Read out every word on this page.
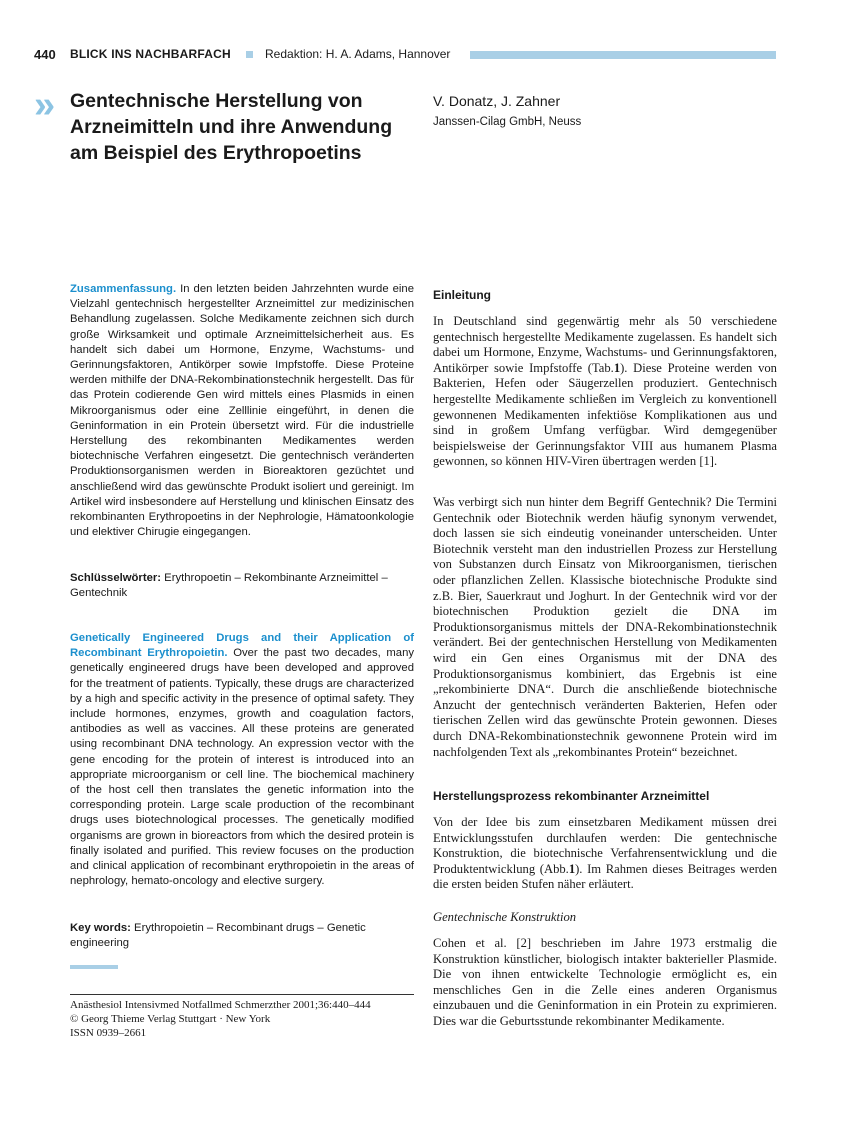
440 BLICK INS NACHBARFACH	Redaktion: H. A. Adams, Hannover
» Gentechnische Herstellung von
Arzneimitteln und ihre Anwendung
am Beispiel des Erythropoetins
V. Donatz, J. Zahner
Janssen-Cilag GmbH, Neuss

Zusammenfassung. In den letzten beiden Jahrzehnten wurde eine Vielzahl gentechnisch hergestellter Arzneimittel zur medizinischen Behandlung zugelassen. Solche Medikamente zeichnen sich durch große Wirksamkeit und optimale Arzneimittelsicherheit aus. Es handelt sich dabei um Hormone, Enzyme, Wachstums- und Gerinnungsfaktoren, Antikörper sowie Impfstoffe. Diese Proteine werden mithilfe der DNA-Rekombinationstechnik hergestellt. Das für das Protein codierende Gen wird mittels eines Plasmids in einen Mikroorganismus oder eine Zelllinie eingeführt, in denen die Geninformation in ein Protein übersetzt wird. Für die industrielle Herstellung des rekombinanten Medikamentes werden biotechnische Verfahren eingesetzt. Die gentechnisch veränderten Produktionsorganismen werden in Bioreaktoren gezüchtet und anschließend wird das gewünschte Produkt isoliert und gereinigt. Im Artikel wird insbesondere auf Herstellung und klinischen Einsatz des rekombinanten Erythropoetins in der Nephrologie, Hämatoonkologie und elektiver Chirugie eingegangen.

Schlüsselwörter: Erythropoetin – Rekombinante Arzneimittel – Gentechnik

Genetically Engineered Drugs and their Application of Recombinant Erythropoietin. Over the past two decades, many genetically engineered drugs have been developed and approved for the treatment of patients. Typically, these drugs are characterized by a high and specific activity in the presence of optimal safety. They include hormones, enzymes, growth and coagulation factors, antibodies as well as vaccines. All these proteins are generated using recombinant DNA technology. An expression vector with the gene encoding for the protein of interest is introduced into an appropriate microorganism or cell line. The biochemical machinery of the host cell then translates the genetic information into the corresponding protein. Large scale production of the recombinant drugs uses biotechnological processes. The genetically modified organisms are grown in bioreactors from which the desired protein is finally isolated and purified. This review focuses on the production and clinical application of recombinant erythropoietin in the areas of nephrology, hemato-oncology and elective surgery.

Key words: Erythropoietin – Recombinant drugs – Genetic engineering

Anästhesiol Intensivmed Notfallmed Schmerzther 2001;36:440–444
© Georg Thieme Verlag Stuttgart · New York
ISSN 0939–2661
Einleitung

In Deutschland sind gegenwärtig mehr als 50 verschiedene gentechnisch hergestellte Medikamente zugelassen. Es handelt sich dabei um Hormone, Enzyme, Wachstums- und Gerinnungsfaktoren, Antikörper sowie Impfstoffe (Tab.1). Diese Proteine werden von Bakterien, Hefen oder Säugerzellen produziert. Gentechnisch hergestellte Medikamente schließen im Vergleich zu konventionell gewonnenen Medikamenten infektiöse Komplikationen aus und sind in großem Umfang verfügbar. Wird demgegenüber beispielsweise der Gerinnungsfaktor VIII aus humanem Plasma gewonnen, so können HIV-Viren übertragen werden [1].

Was verbirgt sich nun hinter dem Begriff Gentechnik? Die Termini Gentechnik oder Biotechnik werden häufig synonym verwendet, doch lassen sie sich eindeutig voneinander unterscheiden. Unter Biotechnik versteht man den industriellen Prozess zur Herstellung von Substanzen durch Einsatz von Mikroorganismen, tierischen oder pflanzlichen Zellen. Klassische biotechnische Produkte sind z.B. Bier, Sauerkraut und Joghurt. In der Gentechnik wird vor der biotechnischen Produktion gezielt die DNA im Produktionsorganismus mittels der DNA-Rekombinationstechnik verändert. Bei der gentechnischen Herstellung von Medikamenten wird ein Gen eines Organismus mit der DNA des Produktionsorganismus kombiniert, das Ergebnis ist eine „rekombinierte DNA“. Durch die anschließende biotechnische Anzucht der gentechnisch veränderten Bakterien, Hefen oder tierischen Zellen wird das gewünschte Protein gewonnen. Dieses durch DNA-Rekombinationstechnik gewonnene Protein wird im nachfolgenden Text als „rekombinantes Protein“ bezeichnet.

Herstellungsprozess rekombinanter Arzneimittel

Von der Idee bis zum einsetzbaren Medikament müssen drei Entwicklungsstufen durchlaufen werden: Die gentechnische Konstruktion, die biotechnische Verfahrensentwicklung und die Produktentwicklung (Abb.1). Im Rahmen dieses Beitrages werden die ersten beiden Stufen näher erläutert.

Gentechnische Konstruktion

Cohen et al. [2] beschrieben im Jahre 1973 erstmalig die Konstruktion künstlicher, biologisch intakter bakterieller Plasmide. Die von ihnen entwickelte Technologie ermöglicht es, ein menschliches Gen in die Zelle eines anderen Organismus einzubauen und die Geninformation in ein Protein zu exprimieren. Dies war die Geburtsstunde rekombinanter Medikamente.
